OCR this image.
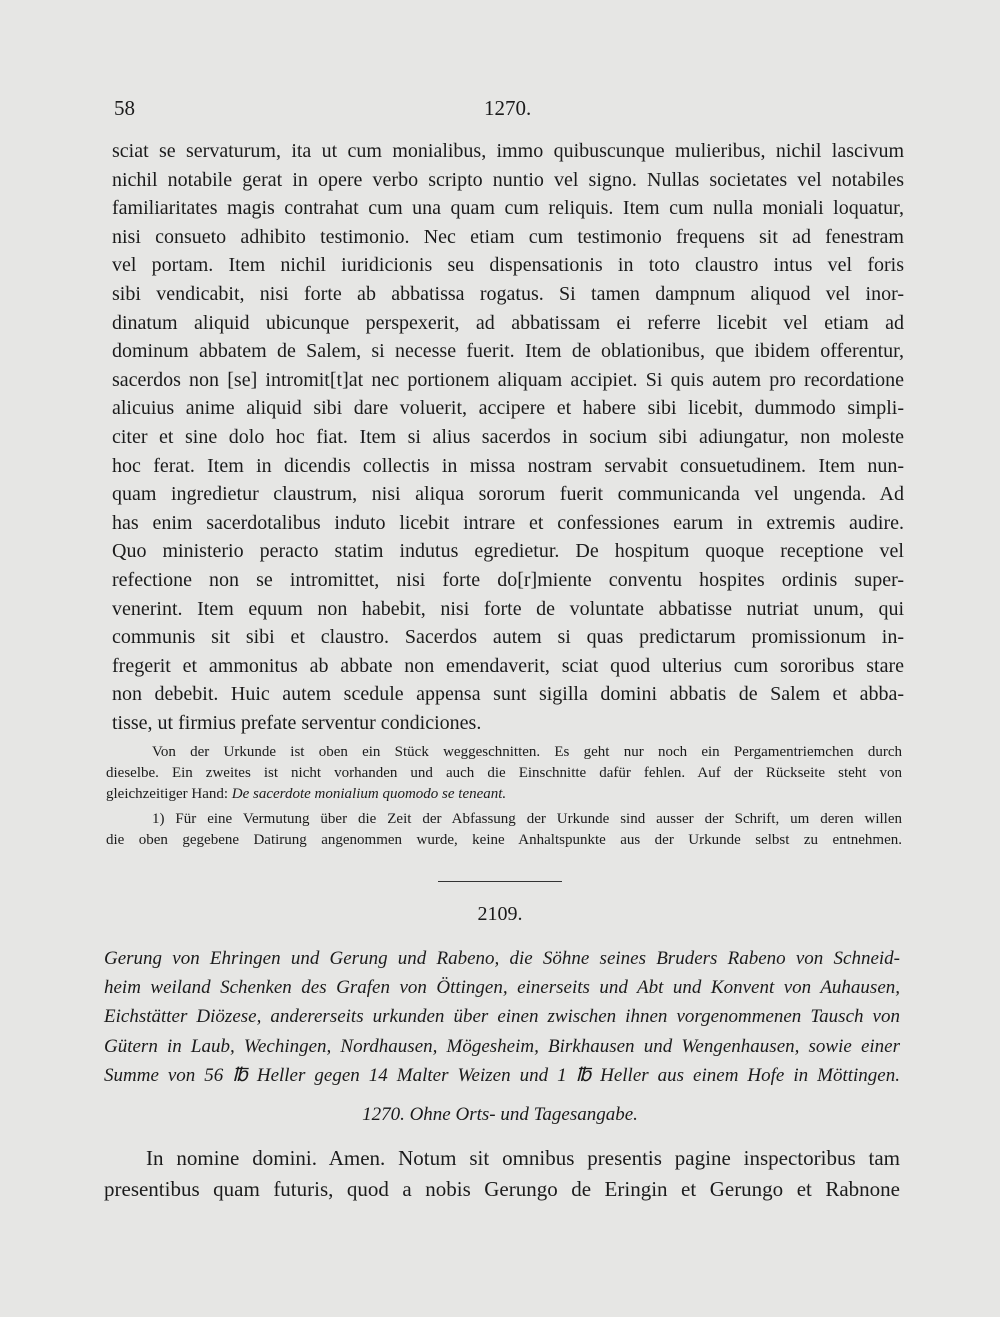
58	1270.
sciat se servaturum, ita ut cum monialibus, immo quibuscunque mulieribus, nichil lascivum
nichil notabile gerat in opere verbo scripto nuntio vel signo. Nullas societates vel notabiles
familiaritates magis contrahat cum una quam cum reliquis. Item cum nulla moniali loquatur,
nisi consueto adhibito testimonio. Nec etiam cum testimonio frequens sit ad fenestram
vel portam. Item nichil iuridicionis seu dispensationis in toto claustro intus vel foris
sibi vendicabit, nisi forte ab abbatissa rogatus. Si tamen dampnum aliquod vel inor-
dinatum aliquid ubicunque perspexerit, ad abbatissam ei referre licebit vel etiam ad
dominum abbatem de Salem, si necesse fuerit. Item de oblationibus, que ibidem offerentur,
sacerdos non [se] intromit[t]at nec portionem aliquam accipiet. Si quis autem pro recordatione
alicuius anime aliquid sibi dare voluerit, accipere et habere sibi licebit, dummodo simpli-
citer et sine dolo hoc fiat. Item si alius sacerdos in socium sibi adiungatur, non moleste
hoc ferat. Item in dicendis collectis in missa nostram servabit consuetudinem. Item nun-
quam ingredietur claustrum, nisi aliqua sororum fuerit communicanda vel ungenda. Ad
has enim sacerdotalibus induto licebit intrare et confessiones earum in extremis audire.
Quo ministerio peracto statim indutus egredietur. De hospitum quoque receptione vel
refectione non se intromittet, nisi forte do[r]miente conventu hospites ordinis super-
venerint. Item equum non habebit, nisi forte de voluntate abbatisse nutriat unum, qui
communis sit sibi et claustro. Sacerdos autem si quas predictarum promissionum in-
fregerit et ammonitus ab abbate non emendaverit, sciat quod ulterius cum sororibus stare
non debebit. Huic autem scedule appensa sunt sigilla domini abbatis de Salem et abba-
tisse, ut firmius prefate serventur condiciones.
Von der Urkunde ist oben ein Stück weggeschnitten. Es geht nur noch ein Pergamentriemchen durch
dieselbe. Ein zweites ist nicht vorhanden und auch die Einschnitte dafür fehlen. Auf der Rückseite steht von
gleichzeitiger Hand: De sacerdote monialium quomodo se teneant.
1) Für eine Vermutung über die Zeit der Abfassung der Urkunde sind ausser der Schrift, um deren willen
die oben gegebene Datirung angenommen wurde, keine Anhaltspunkte aus der Urkunde selbst zu entnehmen.
2109.
Gerung von Ehringen und Gerung und Rabeno, die Söhne seines Bruders Rabeno von Schneid-
heim weiland Schenken des Grafen von Öttingen, einerseits und Abt und Konvent von Auhausen,
Eichstätter Diözese, andererseits urkunden über einen zwischen ihnen vorgenommenen Tausch von
Gütern in Laub, Wechingen, Nordhausen, Mögesheim, Birkhausen und Wengenhausen, sowie einer
Summe von 56 ℔ Heller gegen 14 Malter Weizen und 1 ℔ Heller aus einem Hofe in Möttingen.
1270. Ohne Orts- und Tagesangabe.
In nomine domini. Amen. Notum sit omnibus presentis pagine inspectoribus tam
presentibus quam futuris, quod a nobis Gerungo de Eringin et Gerungo et Rabnone
